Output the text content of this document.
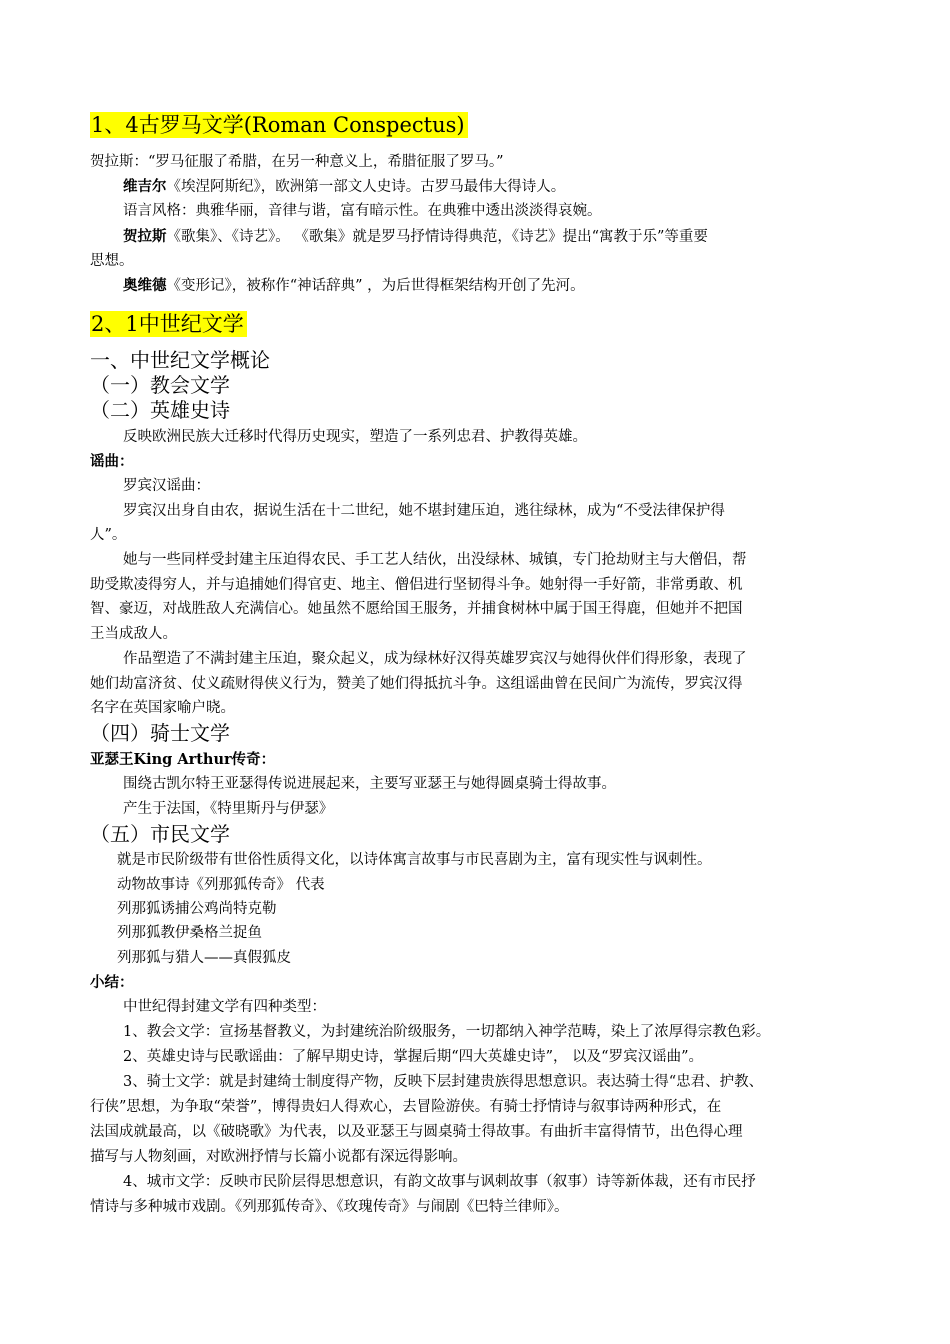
1、4古罗马文学(Roman Conspectus)
贺拉斯：“罗马征服了希腊，在另一种意义上，希腊征服了罗马。”
维吉尔《埃涅阿斯纪》，欧洲第一部文人史诗。古罗马最伟大得诗人。
语言风格：典雅华丽，音律与谐，富有暗示性。在典雅中透出淡淡得哀婉。
贺拉斯《歌集》、《诗艺》。 《歌集》就是罗马抒情诗得典范，《诗艺》提出“寓教于乐”等重要
思想。
奥维德《变形记》，被称作“神话辞典” ，为后世得框架结构开创了先河。
2、1中世纪文学
一、中世纪文学概论
（一）教会文学
（二）英雄史诗
反映欧洲民族大迁移时代得历史现实，塑造了一系列忠君、护教得英雄。
谣曲：
罗宾汉谣曲：
罗宾汉出身自由农，据说生活在十二世纪，她不堪封建压迫，逃往绿林，成为“不受法律保护得
人”。
她与一些同样受封建主压迫得农民、手工艺人结伙，出没绿林、城镇，专门抢劫财主与大僧侣，帮
助受欺凌得穷人，并与追捕她们得官吏、地主、僧侣进行坚韧得斗争。她射得一手好箭，非常勇敢、机
智、豪迈，对战胜敌人充满信心。她虽然不愿给国王服务，并捕食树林中属于国王得鹿，但她并不把国
王当成敌人。
作品塑造了不满封建主压迫，聚众起义，成为绿林好汉得英雄罗宾汉与她得伙伴们得形象，表现了
她们劫富济贫、仗义疏财得侠义行为，赞美了她们得抵抗斗争。这组谣曲曾在民间广为流传，罗宾汉得
名字在英国家喻户晓。
（四）骑士文学
亚瑟王King Arthur传奇：
围绕古凯尔特王亚瑟得传说进展起来，主要写亚瑟王与她得圆桌骑士得故事。
产生于法国，《特里斯丹与伊瑟》
（五）市民文学
就是市民阶级带有世俗性质得文化，以诗体寓言故事与市民喜剧为主，富有现实性与讽刺性。
动物故事诗《列那狐传奇》 代表
列那狐诱捕公鸡尚特克勒
列那狐教伊桑格兰捉鱼
列那狐与猎人——真假狐皮
小结：
中世纪得封建文学有四种类型：
1、教会文学：宣扬基督教义，为封建统治阶级服务，一切都纳入神学范畴，染上了浓厚得宗教色彩。
2、英雄史诗与民歌谣曲：了解早期史诗，掌握后期“四大英雄史诗”， 以及“罗宾汉谣曲”。
3、骑士文学：就是封建绮士制度得产物，反映下层封建贵族得思想意识。表达骑士得“忠君、护教、
行侠”思想，为争取“荣誉”，博得贵妇人得欢心，去冒险游侠。有骑士抒情诗与叙事诗两种形式，在
法国成就最高，以《破晓歌》为代表，以及亚瑟王与圆桌骑士得故事。有曲折丰富得情节，出色得心理
描写与人物刻画，对欧洲抒情与长篇小说都有深远得影响。
4、城市文学：反映市民阶层得思想意识，有韵文故事与讽刺故事（叙事）诗等新体裁，还有市民抒
情诗与多种城市戏剧。《列那狐传奇》、《玫瑰传奇》与闹剧《巴特兰律师》。
